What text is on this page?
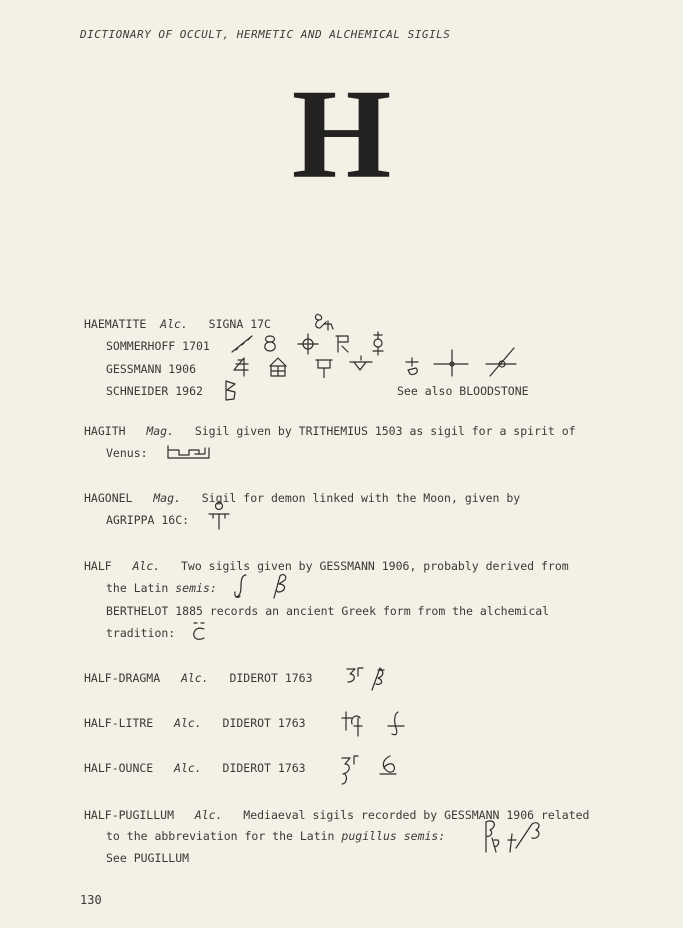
DICTIONARY OF OCCULT, HERMETIC AND ALCHEMICAL SIGILS
H
HAEMATITE Alc. SIGNA 17C
SOMMERHOFF 1701
GESSMANN 1906
SCHNEIDER 1962	See also BLOODSTONE
HAGITH Mag. Sigil given by TRITHEMIUS 1503 as sigil for a spirit of
Venus:
HAGONEL Mag. Sigil for demon linked with the Moon, given by
AGRIPPA 16C:
HALF Alc. Two sigils given by GESSMANN 1906, probably derived from
the Latin semis:
BERTHELOT 1885 records an ancient Greek form from the alchemical
tradition:
HALF-DRAGMA Alc. DIDEROT 1763
HALF-LITRE Alc. DIDEROT 1763
HALF-OUNCE Alc. DIDEROT 1763
HALF-PUGILLUM Alc. Mediaeval sigils recorded by GESSMANN 1906 related
to the abbreviation for the Latin pugillus semis:
See PUGILLUM
130
